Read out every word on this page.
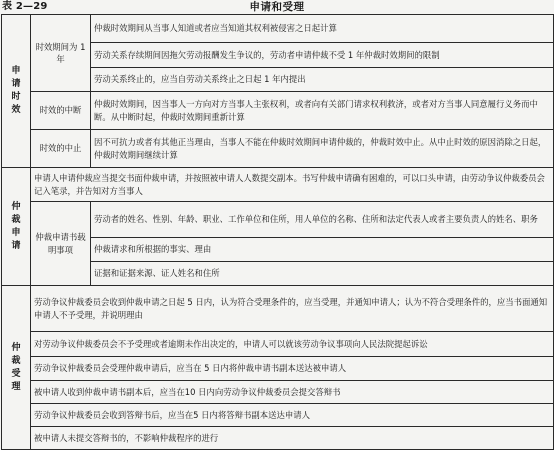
表 2—29	申请和受理
申请时效	时效期间为 1 年	仲裁时效期间从当事人知道或者应当知道其权利被侵害之日起计算
		劳动关系存续期间因拖欠劳动报酬发生争议的，劳动者申请仲裁不受 1 年仲裁时效期间的限制
		劳动关系终止的，应当自劳动关系终止之日起 1 年内提出
	时效的中断	仲裁时效期间，因当事人一方向对方当事人主张权利，或者向有关部门请求权利救济，或者对方当事人同意履行义务而中断。从中断时起，仲裁时效期间重新计算
	时效的中止	因不可抗力或者有其他正当理由，当事人不能在仲裁时效期间申请仲裁的，仲裁时效中止。从中止时效的原因消除之日起，仲裁时效期间继续计算
仲裁申请	申请人申请仲裁应当提交书面仲裁申请，并按照被申请人人数提交副本。书写仲裁申请确有困难的，可以口头申请，由劳动争议仲裁委员会记入笔录，并告知对方当事人	
	仲裁申请书载明事项	劳动者的姓名、性别、年龄、职业、工作单位和住所，用人单位的名称、住所和法定代表人或者主要负责人的姓名、职务
		仲裁请求和所根据的事实、理由
		证据和证据来源、证人姓名和住所
仲裁受理	劳动争议仲裁委员会收到仲裁申请之日起 5 日内，认为符合受理条件的，应当受理，并通知申请人；认为不符合受理条件的，应当书面通知申请人不予受理，并说明理由	
	对劳动争议仲裁委员会不予受理或者逾期未作出决定的，申请人可以就该劳动争议事项向人民法院提起诉讼	
	劳动争议仲裁委员会受理仲裁申请后，应当在 5 日内将仲裁申请书副本送达被申请人	
	被申请人收到仲裁申请书副本后，应当在10 日内向劳动争议仲裁委员会提交答辩书	
	劳动争议仲裁委员会收到答辩书后，应当在5 日内将答辩书副本送达申请人	
	被申请人未提交答辩书的，不影响仲裁程序的进行	
